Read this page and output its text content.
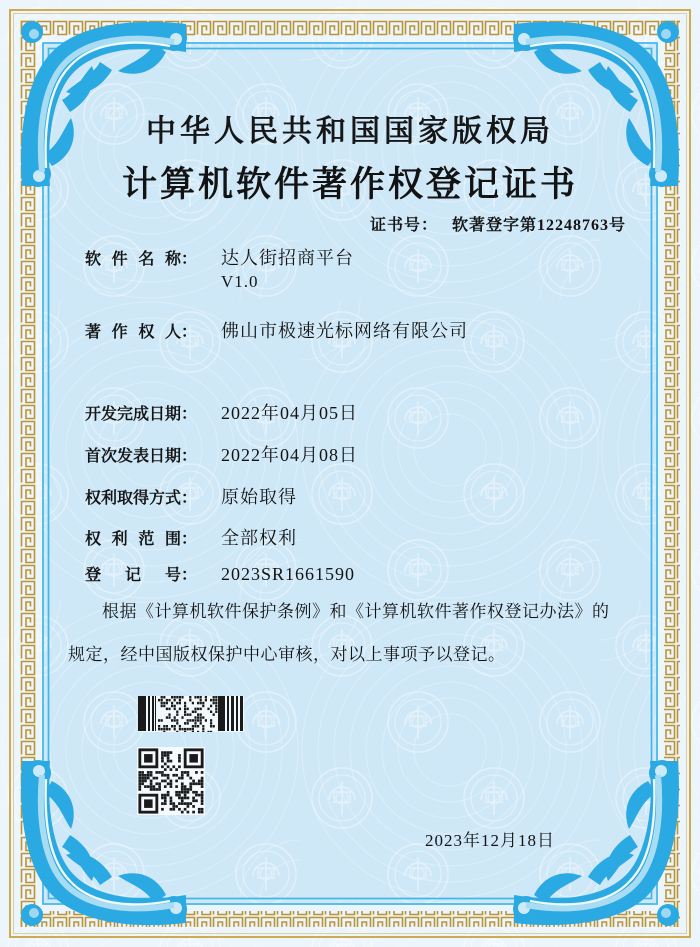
中华人民共和国国家版权局
计算机软件著作权登记证书
证书号： 软著登字第12248763号
软件名称： 达人街招商平台
V1.0
著作权人： 佛山市极速光标网络有限公司
开发完成日期： 2022年04月05日
首次发表日期： 2022年04月08日
权利取得方式： 原始取得
权利范围： 全部权利
登记号： 2023SR1661590

根据《计算机软件保护条例》和《计算机软件著作权登记办法》的
规定，经中国版权保护中心审核，对以上事项予以登记。

2023年12月18日
